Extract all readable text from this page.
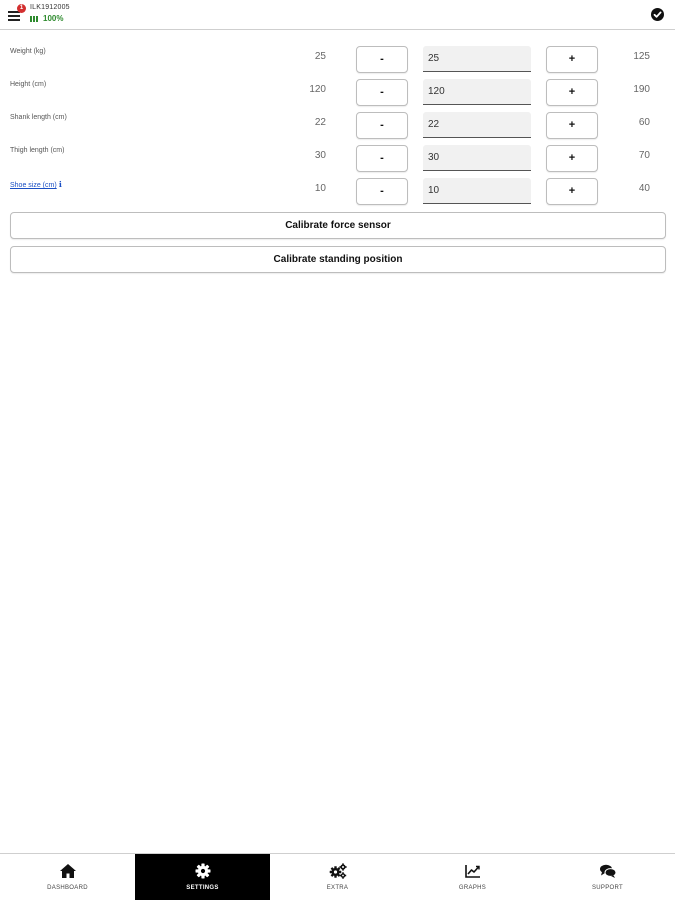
1 ILK1912005
100%
Weight (kg)	25	-	25	+	125
Height (cm)	120	-	120	+	190
Shank length (cm)	22	-	22	+	60
Thigh length (cm)	30	-	30	+	70
Shoe size (cm) ℹ	10	-	10	+	40
Calibrate force sensor
Calibrate standing position
DASHBOARD	SETTINGS	EXTRA	GRAPHS	SUPPORT
